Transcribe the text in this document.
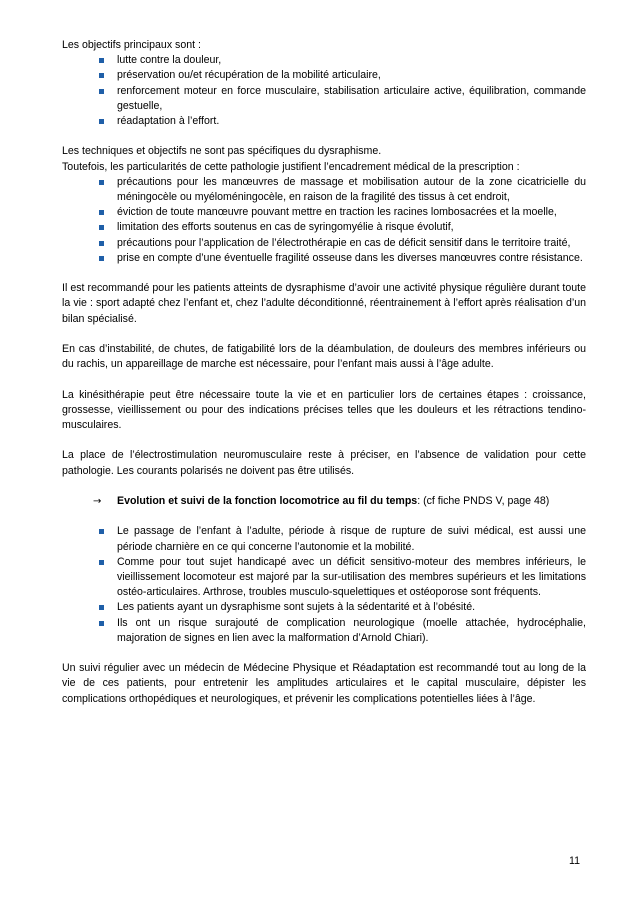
Les objectifs principaux sont :

lutte contre la douleur,
préservation ou/et récupération de la mobilité articulaire,
renforcement moteur en force musculaire, stabilisation articulaire active, équilibration, commande gestuelle,
réadaptation à l’effort.

Les techniques et objectifs ne sont pas spécifiques du dysraphisme.

Toutefois, les particularités de cette pathologie justifient l’encadrement médical de la prescription :

précautions pour les manœuvres de massage et mobilisation autour de la zone cicatricielle du méningocèle ou myéloméningocèle, en raison de la fragilité des tissus à cet endroit,
éviction de toute manœuvre pouvant mettre en traction les racines lombosacrées et la moelle,
limitation des efforts soutenus en cas de syringomyélie à risque évolutif,
précautions pour l’application de l’électrothérapie en cas de déficit sensitif dans le territoire traité,
prise en compte d’une éventuelle fragilité osseuse dans les diverses manœuvres contre résistance.

Il est recommandé pour les patients atteints de dysraphisme d’avoir une activité physique régulière durant toute la vie : sport adapté chez l’enfant et, chez l’adulte déconditionné, réentrainement à l’effort après réalisation d’un bilan spécialisé.

En cas d’instabilité, de chutes, de fatigabilité lors de la déambulation, de douleurs des membres inférieurs ou du rachis, un appareillage de marche est nécessaire, pour l’enfant mais aussi à l’âge adulte.

La kinésithérapie peut être nécessaire toute la vie et en particulier lors de certaines étapes : croissance, grossesse, vieillissement ou pour des indications précises telles que les douleurs et les rétractions tendino-musculaires.

La place de l’électrostimulation neuromusculaire reste à préciser, en l’absence de validation pour cette pathologie. Les courants polarisés ne doivent pas être utilisés.

→ Evolution et suivi de la fonction locomotrice au fil du temps: (cf fiche PNDS V, page 48)
Le passage de l’enfant à l’adulte, période à risque de rupture de suivi médical, est aussi une période charnière en ce qui concerne l’autonomie et la mobilité.
Comme pour tout sujet handicapé avec un déficit sensitivo-moteur des membres inférieurs, le vieillissement locomoteur est majoré par la sur-utilisation des membres supérieurs et les limitations ostéo-articulaires. Arthrose, troubles musculo-squelettiques et ostéoporose sont fréquents.
Les patients ayant un dysraphisme sont sujets à la sédentarité et à l’obésité.
Ils ont un risque surajouté de complication neurologique (moelle attachée, hydrocéphalie, majoration de signes en lien avec la malformation d’Arnold Chiari).

Un suivi régulier avec un médecin de Médecine Physique et Réadaptation est recommandé tout au long de la vie de ces patients, pour entretenir les amplitudes articulaires et le capital musculaire, dépister les complications orthopédiques et neurologiques, et prévenir les complications potentielles liées à l’âge.

11
